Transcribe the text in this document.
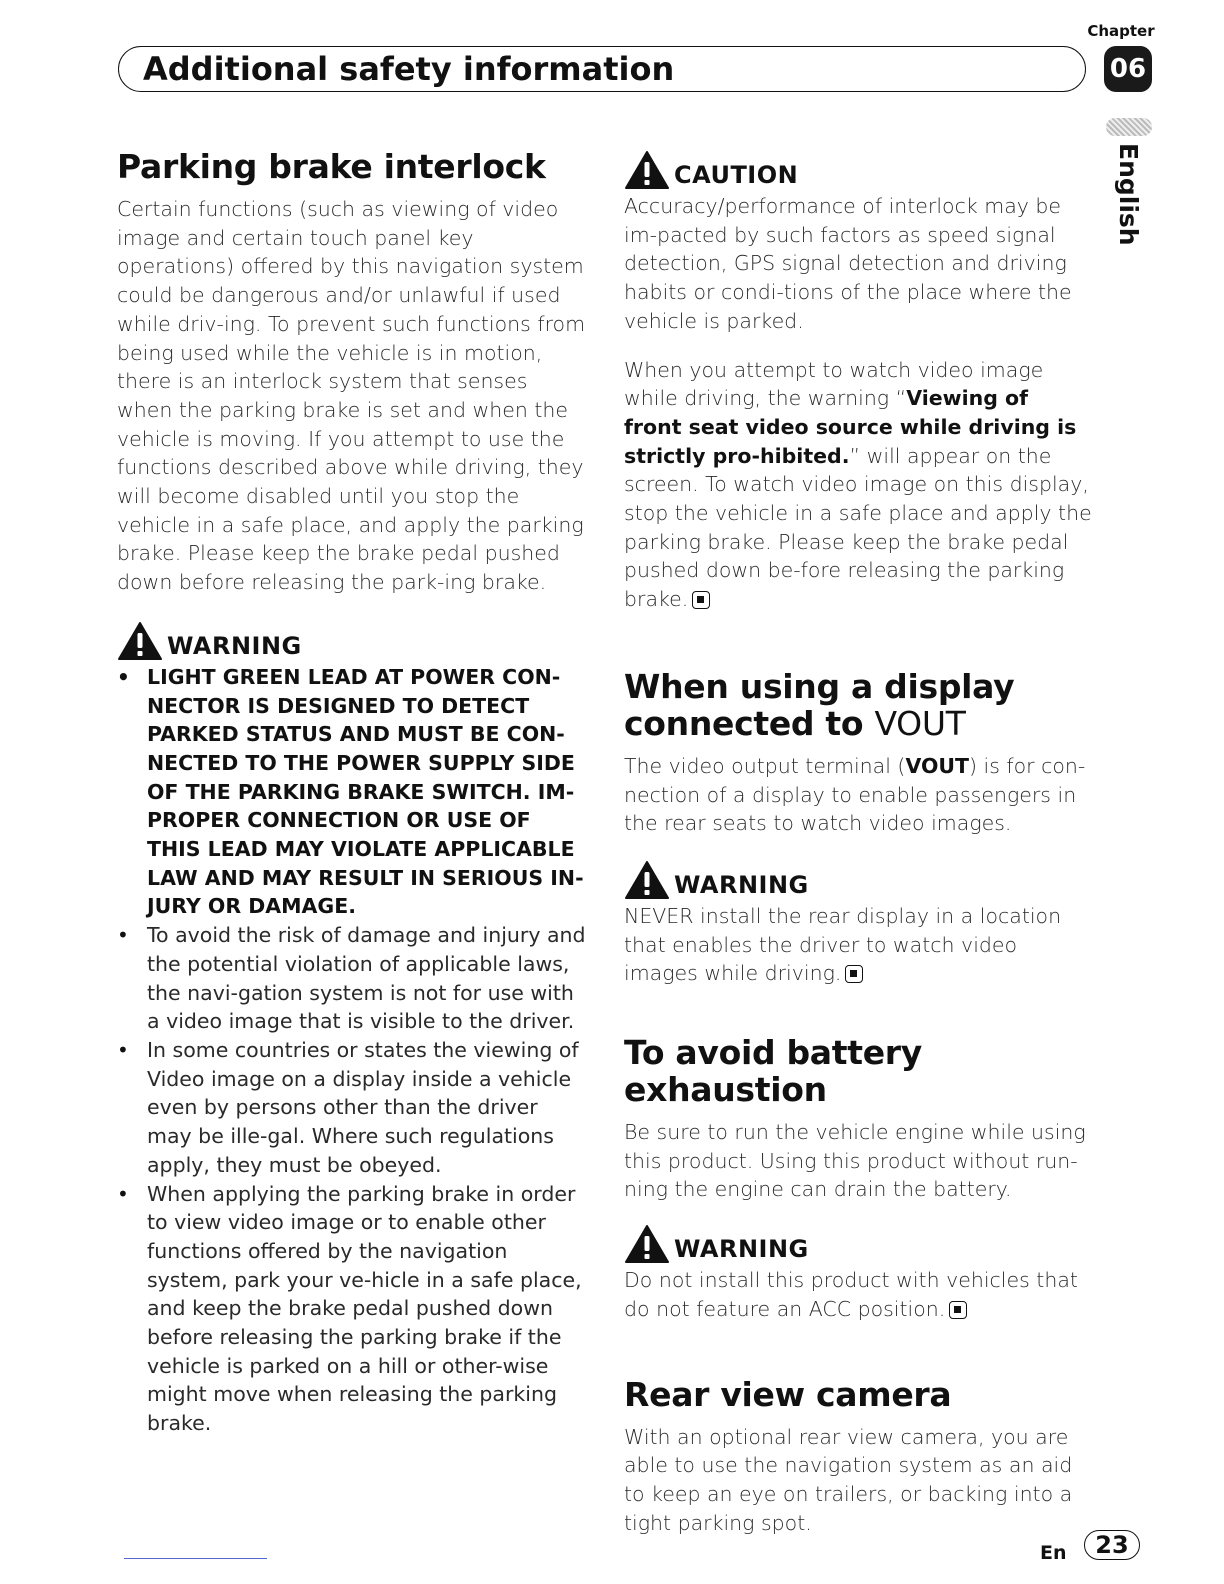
Chapter
06
Additional safety information
English
Parking brake interlock

Certain functions (such as viewing of video image and certain touch panel key operations) offered by this navigation system could be dangerous and/or unlawful if used while driv-ing. To prevent such functions from being used while the vehicle is in motion, there is an interlock system that senses when the parking brake is set and when the vehicle is moving. If you attempt to use the functions described above while driving, they will become disabled until you stop the vehicle in a safe place, and apply the parking brake. Please keep the brake pedal pushed down before releasing the park-ing brake.

WARNING
• LIGHT GREEN LEAD AT POWER CON-NECTOR IS DESIGNED TO DETECT PARKED STATUS AND MUST BE CON-NECTED TO THE POWER SUPPLY SIDE OF THE PARKING BRAKE SWITCH. IM-PROPER CONNECTION OR USE OF THIS LEAD MAY VIOLATE APPLICABLE LAW AND MAY RESULT IN SERIOUS IN-JURY OR DAMAGE.
• To avoid the risk of damage and injury and the potential violation of applicable laws, the navi-gation system is not for use with a video image that is visible to the driver.
• In some countries or states the viewing of Video image on a display inside a vehicle even by persons other than the driver may be ille-gal. Where such regulations apply, they must be obeyed.
• When applying the parking brake in order to view video image or to enable other functions offered by the navigation system, park your ve-hicle in a safe place, and keep the brake pedal pushed down before releasing the parking brake if the vehicle is parked on a hill or other-wise might move when releasing the parking brake.
CAUTION

Accuracy/performance of interlock may be im-pacted by such factors as speed signal detection, GPS signal detection and driving habits or condi-tions of the place where the vehicle is parked.

When you attempt to watch video image while driving, the warning “Viewing of front seat video source while driving is strictly pro-hibited.” will appear on the screen. To watch video image on this display, stop the vehicle in a safe place and apply the parking brake. Please keep the brake pedal pushed down be-fore releasing the parking brake.

When using a display connected to VOUT

The video output terminal (VOUT) is for con-nection of a display to enable passengers in the rear seats to watch video images.

WARNING

NEVER install the rear display in a location that enables the driver to watch video images while driving.

To avoid battery exhaustion

Be sure to run the vehicle engine while using this product. Using this product without run-ning the engine can drain the battery.

WARNING

Do not install this product with vehicles that do not feature an ACC position.

Rear view camera

With an optional rear view camera, you are able to use the navigation system as an aid to keep an eye on trailers, or backing into a tight parking spot.

En	23
